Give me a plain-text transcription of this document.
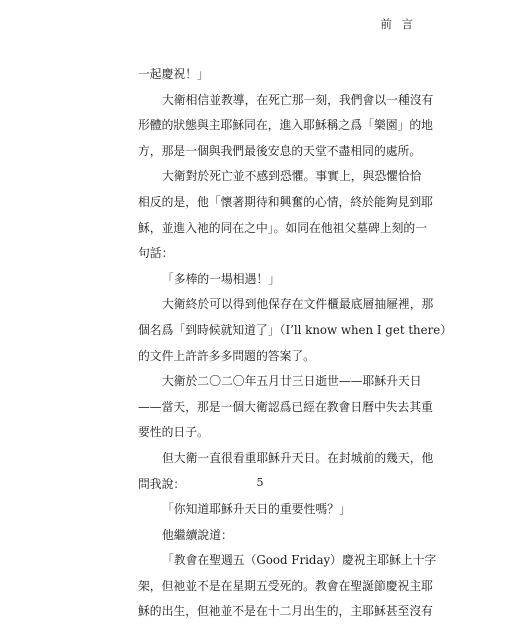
前 言
一起慶祝！」
大衛相信並教導，在死亡那一刻，我們會以一種沒有
形體的狀態與主耶穌同在，進入耶穌稱之爲「樂園」的地
方，那是一個與我們最後安息的天堂不盡相同的處所。
大衛對於死亡並不感到恐懼。事實上，與恐懼恰恰
相反的是，他「懷著期待和興奮的心情，終於能夠見到耶
穌，並進入祂的同在之中」。如同在他祖父墓碑上刻的一
句話：
「多棒的一場相遇！」
大衛終於可以得到他保存在文件櫃最底層抽屜裡，那
個名爲「到時候就知道了」（I’ll know when I get there）
的文件上許許多多問題的答案了。
大衛於二〇二〇年五月廿三日逝世——耶穌升天日
——當天，那是一個大衛認爲已經在教會日曆中失去其重
要性的日子。
但大衛一直很看重耶穌升天日。在封城前的幾天，他
問我說：
「你知道耶穌升天日的重要性嗎？」
他繼續說道：
「教會在聖週五（Good Friday）慶祝主耶穌上十字
架，但祂並不是在星期五受死的。教會在聖誕節慶祝主耶
穌的出生，但祂並不是在十二月出生的，主耶穌甚至沒有
5
